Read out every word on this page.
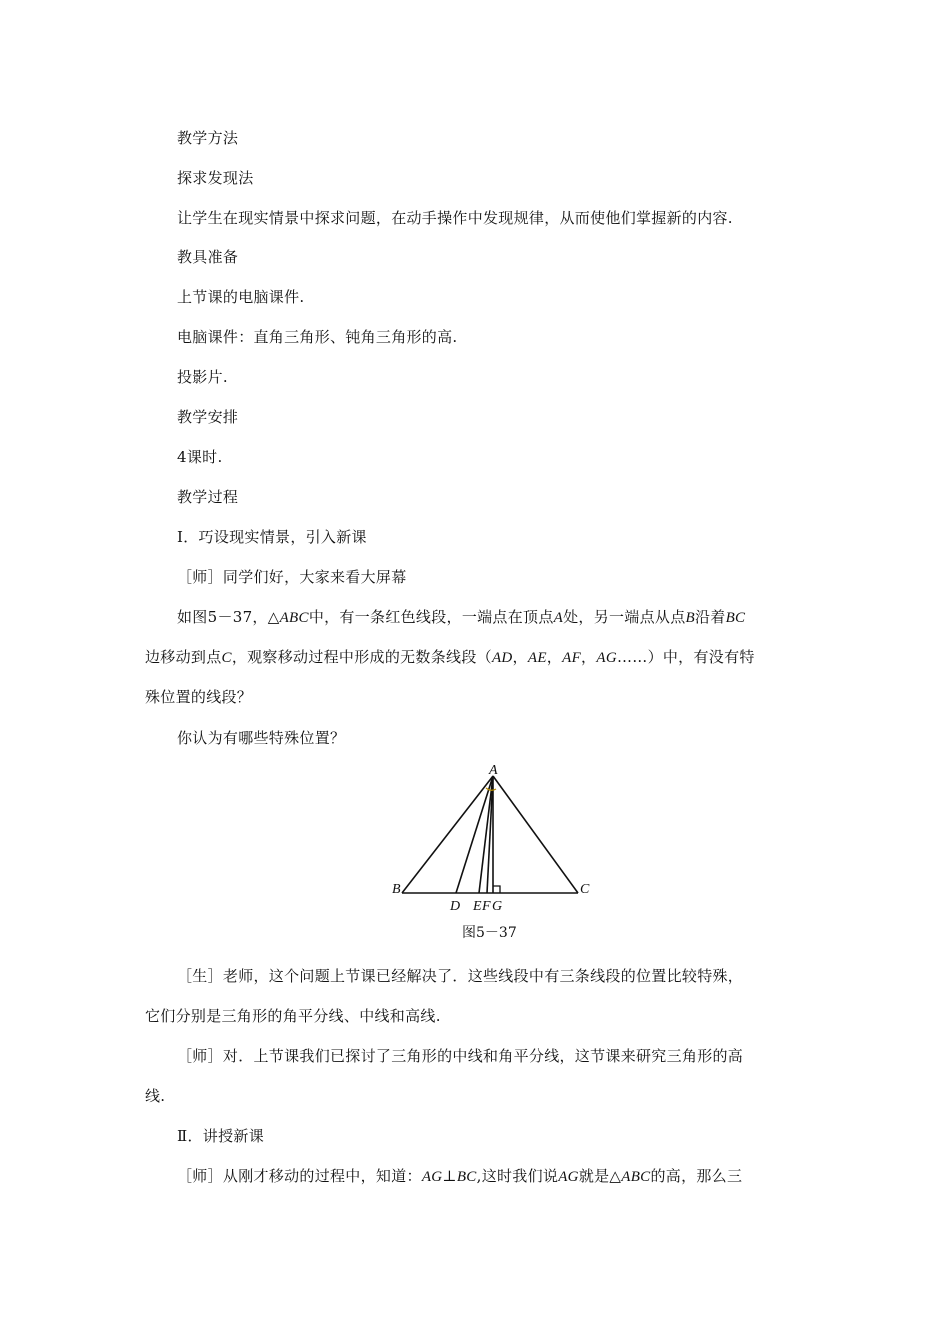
教学方法
探求发现法
让学生在现实情景中探求问题，在动手操作中发现规律，从而使他们掌握新的内容.
教具准备
上节课的电脑课件.
电脑课件：直角三角形、钝角三角形的高.
投影片.
教学安排
4课时.
教学过程
Ⅰ．巧设现实情景，引入新课
［师］同学们好，大家来看大屏幕
如图5－37，△ABC中，有一条红色线段，一端点在顶点A处，另一端点从点B沿着BC
边移动到点C，观察移动过程中形成的无数条线段（AD，AE，AF，AG……）中，有没有特
殊位置的线段？
你认为有哪些特殊位置？
A
B	C
D E F G
图5－37
［生］老师，这个问题上节课已经解决了．这些线段中有三条线段的位置比较特殊，
它们分别是三角形的角平分线、中线和高线.
［师］对．上节课我们已探讨了三角形的中线和角平分线，这节课来研究三角形的高
线.
Ⅱ．讲授新课
［师］从刚才移动的过程中，知道：AG⊥BC,这时我们说AG就是△ABC的高，那么三
